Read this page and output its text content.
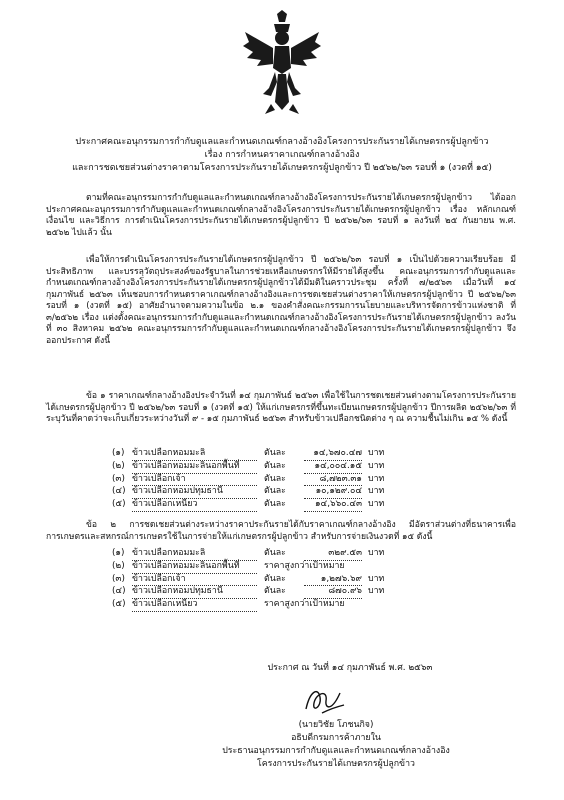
ประกาศคณะอนุกรรมการกำกับดูแลและกำหนดเกณฑ์กลางอ้างอิงโครงการประกันรายได้เกษตรกรผู้ปลูกข้าว
เรื่อง การกำหนดราคาเกณฑ์กลางอ้างอิง
และการชดเชยส่วนต่างราคาตามโครงการประกันรายได้เกษตรกรผู้ปลูกข้าว ปี ๒๕๖๒/๖๓ รอบที่ ๑ (งวดที่ ๑๕)
ตามที่คณะอนุกรรมการกำกับดูแลและกำหนดเกณฑ์กลางอ้างอิงโครงการประกันรายได้เกษตรกรผู้ปลูกข้าว ได้ออกประกาศคณะอนุกรรมการกำกับดูแลและกำหนดเกณฑ์กลางอ้างอิงโครงการประกันรายได้เกษตรกรผู้ปลูกข้าว เรื่อง หลักเกณฑ์ เงื่อนไข และวิธีการ การดำเนินโครงการประกันรายได้เกษตรกรผู้ปลูกข้าว ปี ๒๕๖๒/๖๓ รอบที่ ๑ ลงวันที่ ๒๕ กันยายน พ.ศ. ๒๕๖๒ ไปแล้ว นั้น
เพื่อให้การดำเนินโครงการประกันรายได้เกษตรกรผู้ปลูกข้าว ปี ๒๕๖๒/๖๓ รอบที่ ๑ เป็นไปด้วยความเรียบร้อย มีประสิทธิภาพ และบรรลุวัตถุประสงค์ของรัฐบาลในการช่วยเหลือเกษตรกรให้มีรายได้สูงขึ้น คณะอนุกรรมการกำกับดูแลและกำหนดเกณฑ์กลางอ้างอิงโครงการประกันรายได้เกษตรกรผู้ปลูกข้าวได้มีมติในคราวประชุม ครั้งที่ ๗/๒๕๖๓ เมื่อวันที่ ๑๔ กุมภาพันธ์ ๒๕๖๓ เห็นชอบการกำหนดราคาเกณฑ์กลางอ้างอิงและการชดเชยส่วนต่างราคาให้เกษตรกรผู้ปลูกข้าว ปี ๒๕๖๒/๖๓ รอบที่ ๑ (งวดที่ ๑๕) อาศัยอำนาจตามความในข้อ ๒.๑ ของคำสั่งคณะกรรมการนโยบายและบริหารจัดการข้าวแห่งชาติ ที่ ๓/๒๕๖๒ เรื่อง แต่งตั้งคณะอนุกรรมการกำกับดูแลและกำหนดเกณฑ์กลางอ้างอิงโครงการประกันรายได้เกษตรกรผู้ปลูกข้าว ลงวันที่ ๓๐ สิงหาคม ๒๕๖๒ คณะอนุกรรมการกำกับดูแลและกำหนดเกณฑ์กลางอ้างอิงโครงการประกันรายได้เกษตรกรผู้ปลูกข้าว จึงออกประกาศ ดังนี้
ข้อ ๑ ราคาเกณฑ์กลางอ้างอิงประจำวันที่ ๑๔ กุมภาพันธ์ ๒๕๖๓ เพื่อใช้ในการชดเชยส่วนต่างตามโครงการประกันรายได้เกษตรกรผู้ปลูกข้าว ปี ๒๕๖๒/๖๓ รอบที่ ๑ (งวดที่ ๑๕) ให้แก่เกษตรกรที่ขึ้นทะเบียนเกษตรกรผู้ปลูกข้าว ปีการผลิต ๒๕๖๒/๖๓ ที่ระบุวันที่คาดว่าจะเก็บเกี่ยวระหว่างวันที่ ๙ - ๑๕ กุมภาพันธ์ ๒๕๖๓ สำหรับข้าวเปลือกชนิดต่าง ๆ ณ ความชื้นไม่เกิน ๑๕ % ดังนี้
(๑) ข้าวเปลือกหอมมะลิ	ตันละ	๑๔,๖๗๐.๔๗ บาท
(๒) ข้าวเปลือกหอมมะลินอกพื้นที่	ตันละ	๑๔,๐๐๔.๑๕ บาท
(๓) ข้าวเปลือกเจ้า	ตันละ	๘,๗๒๓.๓๑ บาท
(๔) ข้าวเปลือกหอมปทุมธานี	ตันละ	๑๐,๑๒๙.๐๔ บาท
(๕) ข้าวเปลือกเหนียว	ตันละ	๑๔,๖๖๐.๔๓ บาท
ข้อ ๒ การชดเชยส่วนต่างระหว่างราคาประกันรายได้กับราคาเกณฑ์กลางอ้างอิง มีอัตราส่วนต่างที่ธนาคารเพื่อการเกษตรและสหกรณ์การเกษตรใช้ในการจ่ายให้แก่เกษตรกรผู้ปลูกข้าว สำหรับการจ่ายเงินงวดที่ ๑๕ ดังนี้
(๑) ข้าวเปลือกหอมมะลิ	ตันละ	๓๒๙.๕๓ บาท
(๒) ข้าวเปลือกหอมมะลินอกพื้นที่	ราคาสูงกว่าเป้าหมาย
(๓) ข้าวเปลือกเจ้า	ตันละ	๑,๒๗๖.๖๙ บาท
(๔) ข้าวเปลือกหอมปทุมธานี	ตันละ	๘๗๐.๙๖ บาท
(๕) ข้าวเปลือกเหนียว	ราคาสูงกว่าเป้าหมาย
ประกาศ ณ วันที่ ๑๔ กุมภาพันธ์ พ.ศ. ๒๕๖๓
(นายวิชัย โภชนกิจ)
อธิบดีกรมการค้าภายใน
ประธานอนุกรรมการกำกับดูแลและกำหนดเกณฑ์กลางอ้างอิง
โครงการประกันรายได้เกษตรกรผู้ปลูกข้าว
